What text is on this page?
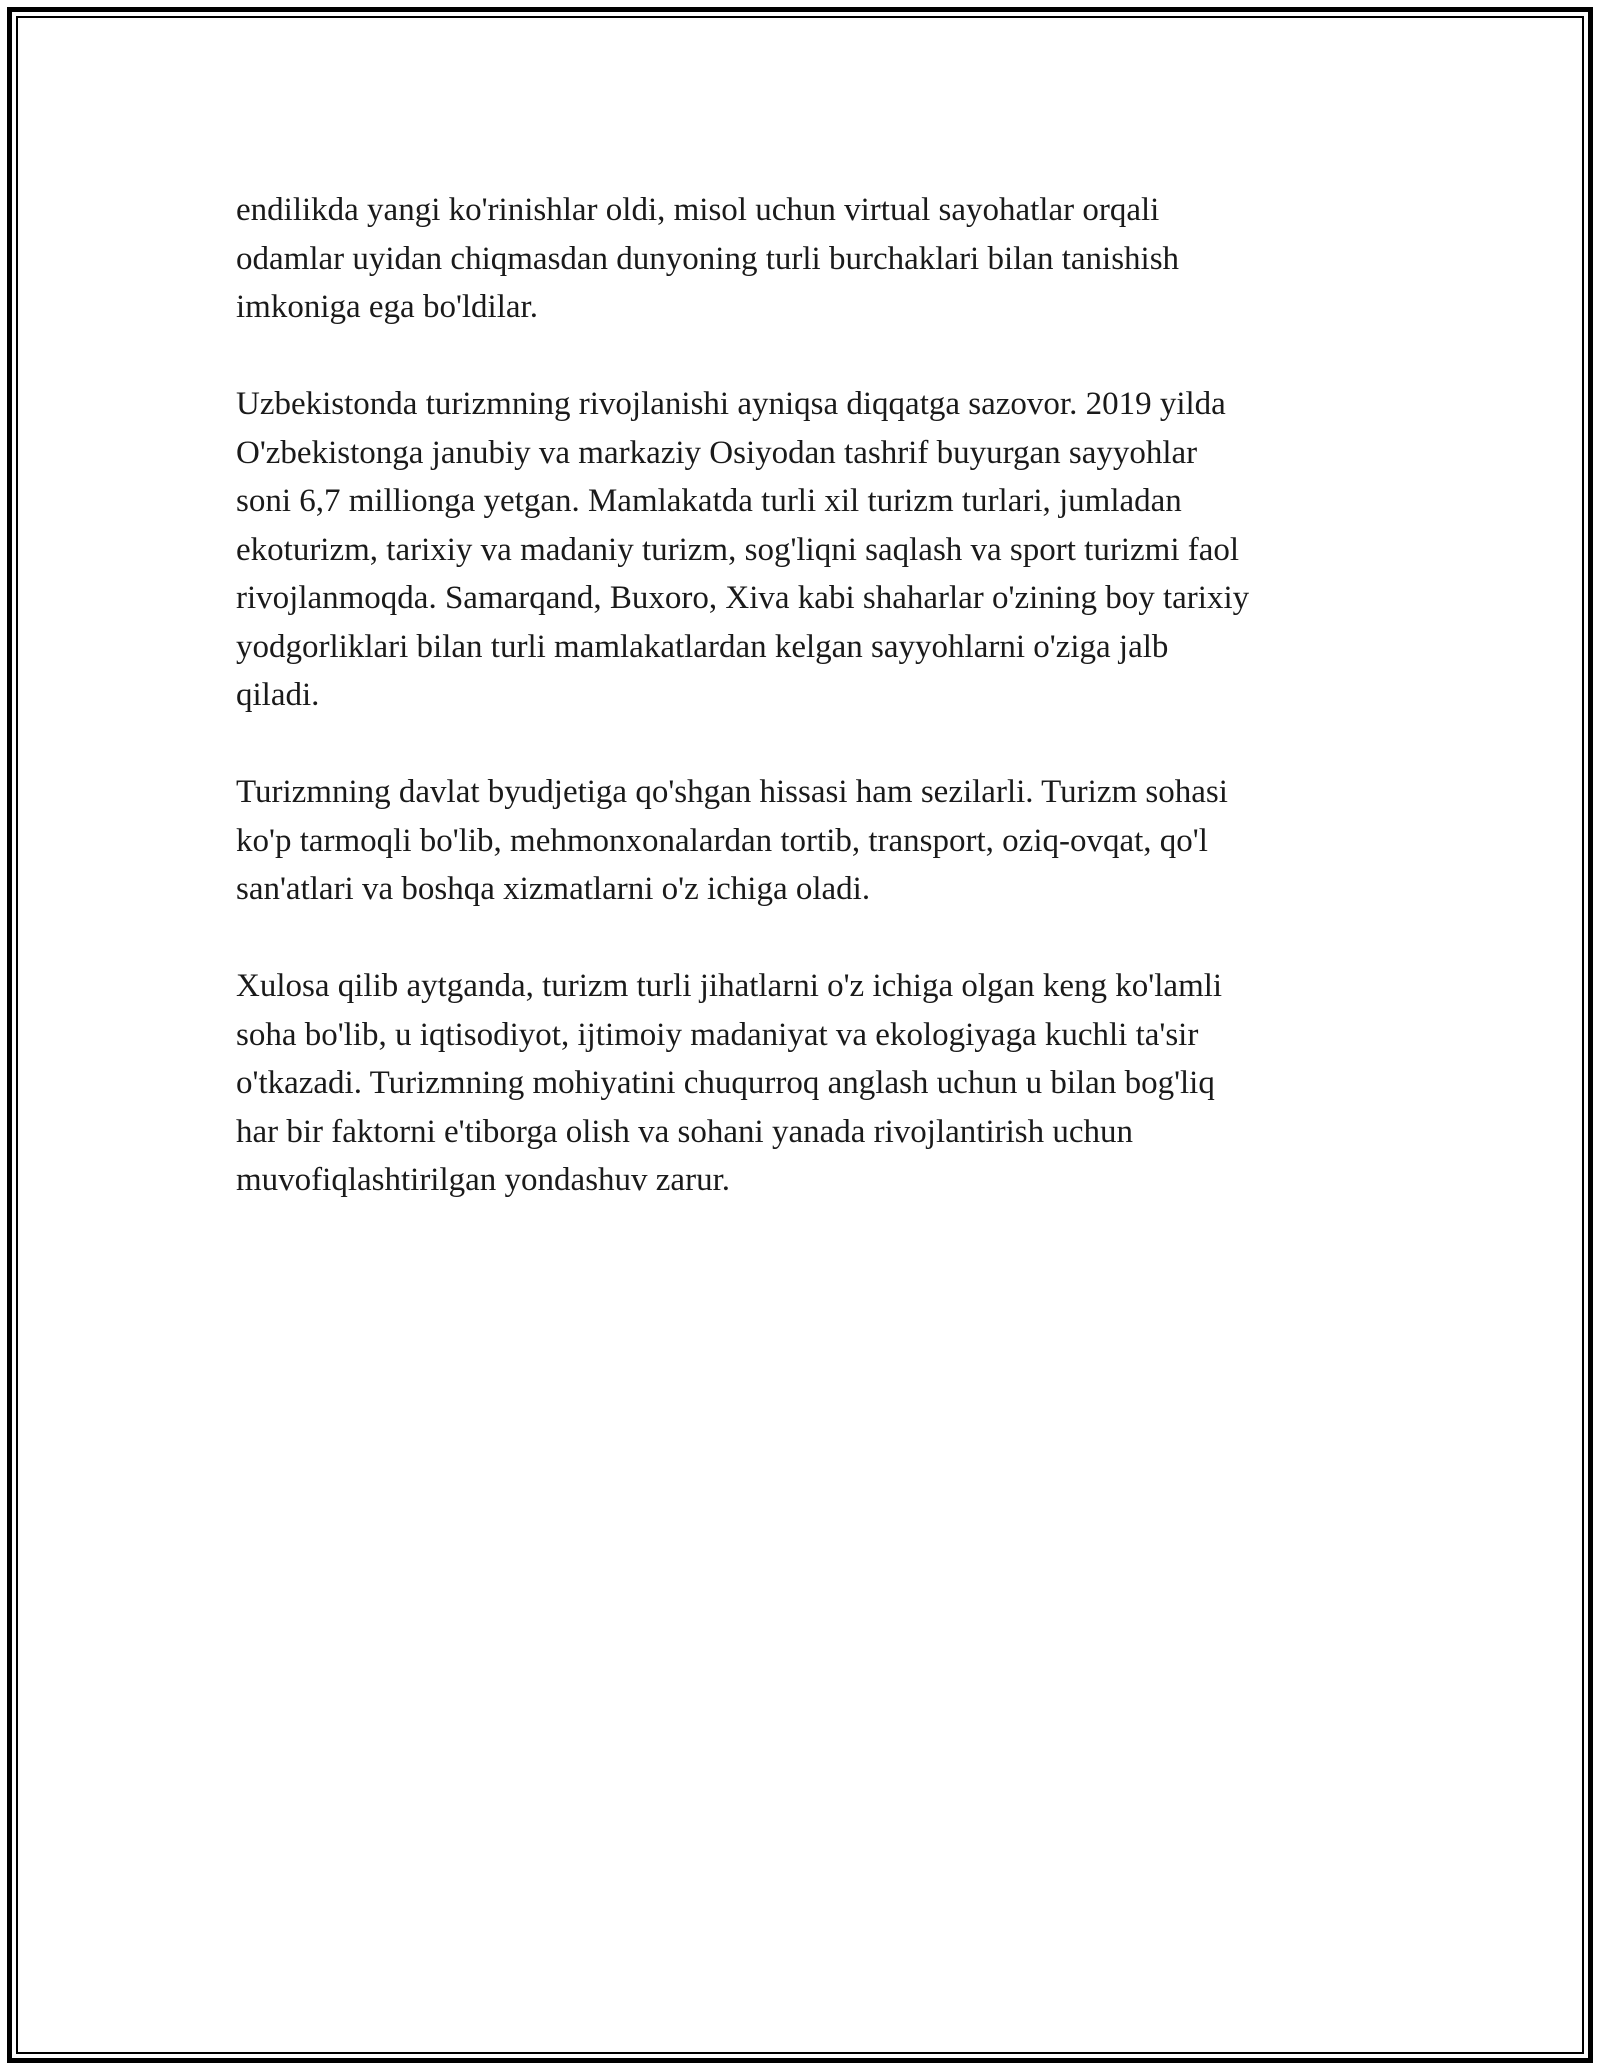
endilikda yangi ko'rinishlar oldi, misol uchun virtual sayohatlar orqali
odamlar uyidan chiqmasdan dunyoning turli burchaklari bilan tanishish
imkoniga ega bo'ldilar.

Uzbekistonda turizmning rivojlanishi ayniqsa diqqatga sazovor. 2019 yilda
O'zbekistonga janubiy va markaziy Osiyodan tashrif buyurgan sayyohlar
soni 6,7 millionga yetgan. Mamlakatda turli xil turizm turlari, jumladan
ekoturizm, tarixiy va madaniy turizm, sog'liqni saqlash va sport turizmi faol
rivojlanmoqda. Samarqand, Buxoro, Xiva kabi shaharlar o'zining boy tarixiy
yodgorliklari bilan turli mamlakatlardan kelgan sayyohlarni o'ziga jalb
qiladi.

Turizmning davlat byudjetiga qo'shgan hissasi ham sezilarli. Turizm sohasi
ko'p tarmoqli bo'lib, mehmonxonalardan tortib, transport, oziq-ovqat, qo'l
san'atlari va boshqa xizmatlarni o'z ichiga oladi.

Xulosa qilib aytganda, turizm turli jihatlarni o'z ichiga olgan keng ko'lamli
soha bo'lib, u iqtisodiyot, ijtimoiy madaniyat va ekologiyaga kuchli ta'sir
o'tkazadi. Turizmning mohiyatini chuqurroq anglash uchun u bilan bog'liq
har bir faktorni e'tiborga olish va sohani yanada rivojlantirish uchun
muvofiqlashtirilgan yondashuv zarur.
